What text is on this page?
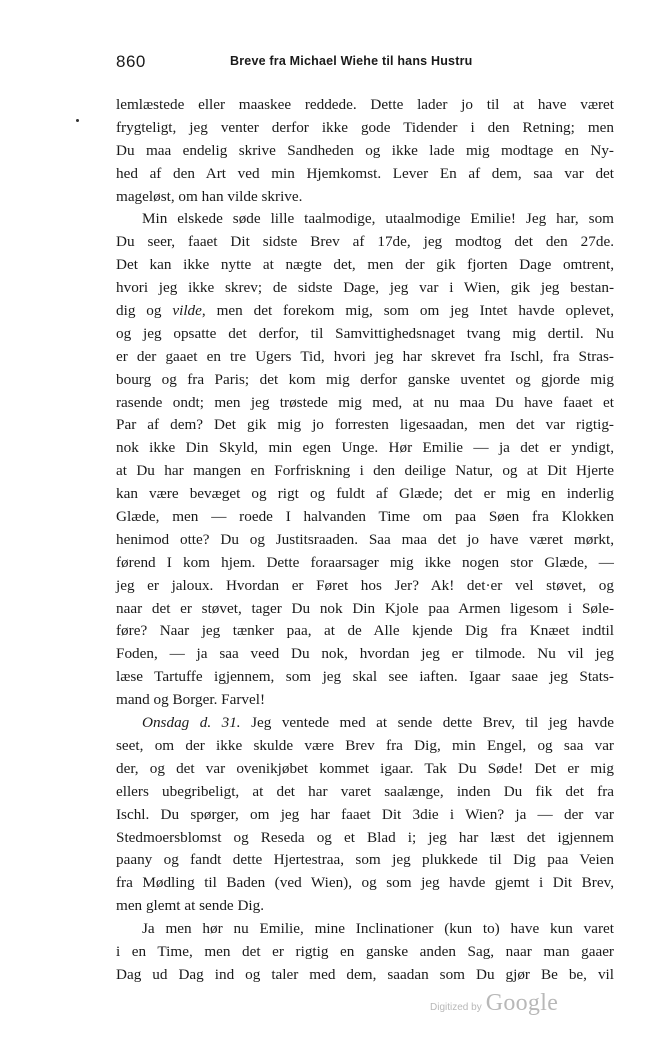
860	Breve fra Michael Wiehe til hans Hustru
lemlæstede eller maaskee reddede. Dette lader jo til at have været
frygteligt, jeg venter derfor ikke gode Tidender i den Retning; men
Du maa endelig skrive Sandheden og ikke lade mig modtage en Ny-
hed af den Art ved min Hjemkomst. Lever En af dem, saa var det
mageløst, om han vilde skrive.
Min elskede søde lille taalmodige, utaalmodige Emilie! Jeg har, som
Du seer, faaet Dit sidste Brev af 17de, jeg modtog det den 27de.
Det kan ikke nytte at nægte det, men der gik fjorten Dage omtrent,
hvori jeg ikke skrev; de sidste Dage, jeg var i Wien, gik jeg bestan-
dig og vilde, men det forekom mig, som om jeg Intet havde oplevet,
og jeg opsatte det derfor, til Samvittighedsnaget tvang mig dertil. Nu
er der gaaet en tre Ugers Tid, hvori jeg har skrevet fra Ischl, fra Stras-
bourg og fra Paris; det kom mig derfor ganske uventet og gjorde mig
rasende ondt; men jeg trøstede mig med, at nu maa Du have faaet et
Par af dem? Det gik mig jo forresten ligesaadan, men det var rigtig-
nok ikke Din Skyld, min egen Unge. Hør Emilie — ja det er yndigt,
at Du har mangen en Forfriskning i den deilige Natur, og at Dit Hjerte
kan være bevæget og rigt og fuldt af Glæde; det er mig en inderlig
Glæde, men — roede I halvanden Time om paa Søen fra Klokken
henimod otte? Du og Justitsraaden. Saa maa det jo have været mørkt,
førend I kom hjem. Dette foraarsager mig ikke nogen stor Glæde, —
jeg er jaloux. Hvordan er Føret hos Jer? Ak! det·er vel støvet, og
naar det er støvet, tager Du nok Din Kjole paa Armen ligesom i Søle-
føre? Naar jeg tænker paa, at de Alle kjende Dig fra Knæet indtil
Foden, — ja saa veed Du nok, hvordan jeg er tilmode. Nu vil jeg
læse Tartuffe igjennem, som jeg skal see iaften. Igaar saae jeg Stats-
mand og Borger. Farvel!
Onsdag d. 31. Jeg ventede med at sende dette Brev, til jeg havde
seet, om der ikke skulde være Brev fra Dig, min Engel, og saa var
der, og det var ovenikjøbet kommet igaar. Tak Du Søde! Det er mig
ellers ubegribeligt, at det har varet saalænge, inden Du fik det fra
Ischl. Du spørger, om jeg har faaet Dit 3die i Wien? ja — der var
Stedmoersblomst og Reseda og et Blad i; jeg har læst det igjennem
paany og fandt dette Hjertestraa, som jeg plukkede til Dig paa Veien
fra Mødling til Baden (ved Wien), og som jeg havde gjemt i Dit Brev,
men glemt at sende Dig.
Ja men hør nu Emilie, mine Inclinationer (kun to) have kun varet
i en Time, men det er rigtig en ganske anden Sag, naar man gaaer
Dag ud Dag ind og taler med dem, saadan som Du gjør Be be, vil
Digitized by Google
